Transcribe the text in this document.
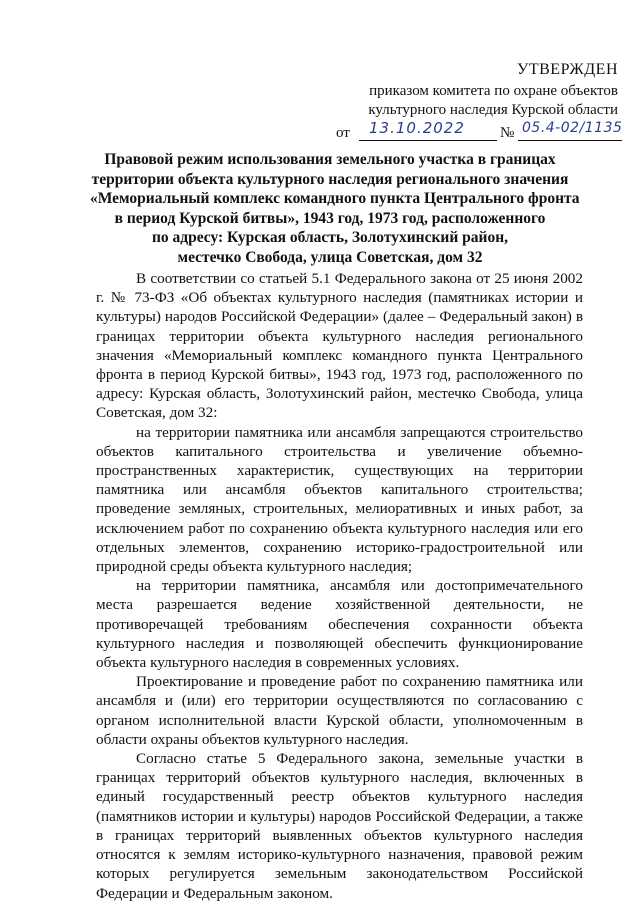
УТВЕРЖДЕН
приказом комитета по охране объектов
культурного наследия Курской области
от 13.10.2022 № 05.4-02/1135
Правовой режим использования земельного участка в границах
территории объекта культурного наследия регионального значения
«Мемориальный комплекс командного пункта Центрального фронта
в период Курской битвы», 1943 год, 1973 год, расположенного
по адресу: Курская область, Золотухинский район,
местечко Свобода, улица Советская, дом 32

В соответствии со статьей 5.1 Федерального закона от 25 июня 2002 г. № 73-ФЗ «Об объектах культурного наследия (памятниках истории и культуры) народов Российской Федерации» (далее – Федеральный закон) в границах территории объекта культурного наследия регионального значения «Мемориальный комплекс командного пункта Центрального фронта в период Курской битвы», 1943 год, 1973 год, расположенного по адресу: Курская область, Золотухинский район, местечко Свобода, улица Советская, дом 32:

на территории памятника или ансамбля запрещаются строительство объектов капитального строительства и увеличение объемно-пространственных характеристик, существующих на территории памятника или ансамбля объектов капитального строительства; проведение земляных, строительных, мелиоративных и иных работ, за исключением работ по сохранению объекта культурного наследия или его отдельных элементов, сохранению историко-градостроительной или природной среды объекта культурного наследия;

на территории памятника, ансамбля или достопримечательного места разрешается ведение хозяйственной деятельности, не противоречащей требованиям обеспечения сохранности объекта культурного наследия и позволяющей обеспечить функционирование объекта культурного наследия в современных условиях.

Проектирование и проведение работ по сохранению памятника или ансамбля и (или) его территории осуществляются по согласованию с органом исполнительной власти Курской области, уполномоченным в области охраны объектов культурного наследия.

Согласно статье 5 Федерального закона, земельные участки в границах территорий объектов культурного наследия, включенных в единый государственный реестр объектов культурного наследия (памятников истории и культуры) народов Российской Федерации, а также в границах территорий выявленных объектов культурного наследия относятся к землям историко-культурного назначения, правовой режим которых регулируется земельным законодательством Российской Федерации и Федеральным законом.
